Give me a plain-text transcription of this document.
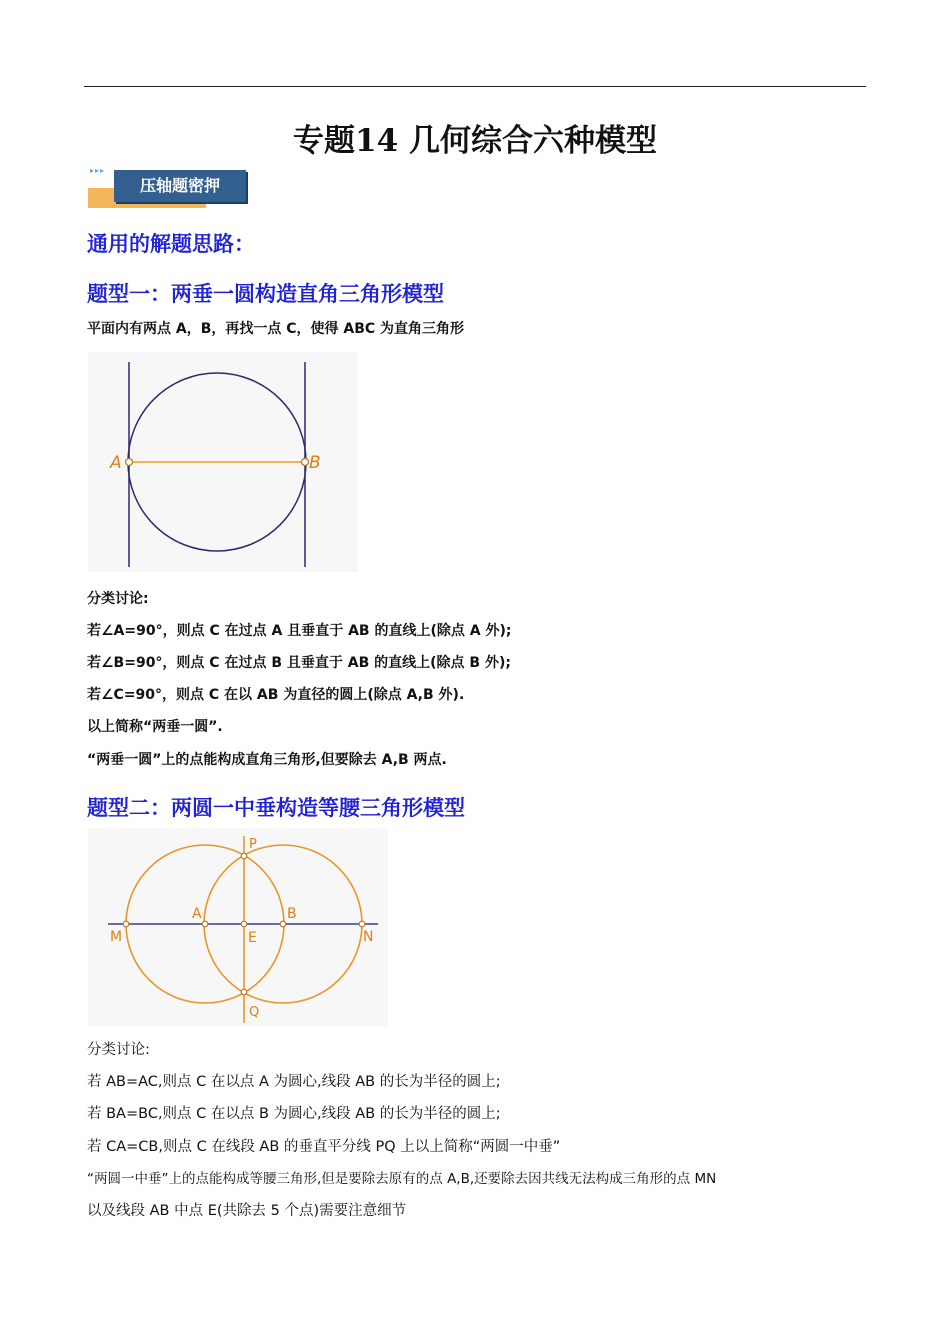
专题14 几何综合六种模型
压轴题密押
▸▸▸
通用的解题思路：
题型一：两垂一圆构造直角三角形模型
平面内有两点 A，B，再找一点 C，使得 ABC 为直角三角形
A	B
分类讨论:
若∠A=90°，则点 C 在过点 A 且垂直于 AB 的直线上(除点 A 外);
若∠B=90°，则点 C 在过点 B 且垂直于 AB 的直线上(除点 B 外);
若∠C=90°，则点 C 在以 AB 为直径的圆上(除点 A,B 外).
以上简称“两垂一圆”.
“两垂一圆”上的点能构成直角三角形,但要除去 A,B 两点.
题型二：两圆一中垂构造等腰三角形模型
P
Q
A	B
E
M	N
分类讨论:
若 AB=AC,则点 C 在以点 A 为圆心,线段 AB 的长为半径的圆上;
若 BA=BC,则点 C 在以点 B 为圆心,线段 AB 的长为半径的圆上;
若 CA=CB,则点 C 在线段 AB 的垂直平分线 PQ 上以上简称“两圆一中垂”
“两圆一中垂”上的点能构成等腰三角形,但是要除去原有的点 A,B,还要除去因共线无法构成三角形的点 MN
以及线段 AB 中点 E(共除去 5 个点)需要注意细节
